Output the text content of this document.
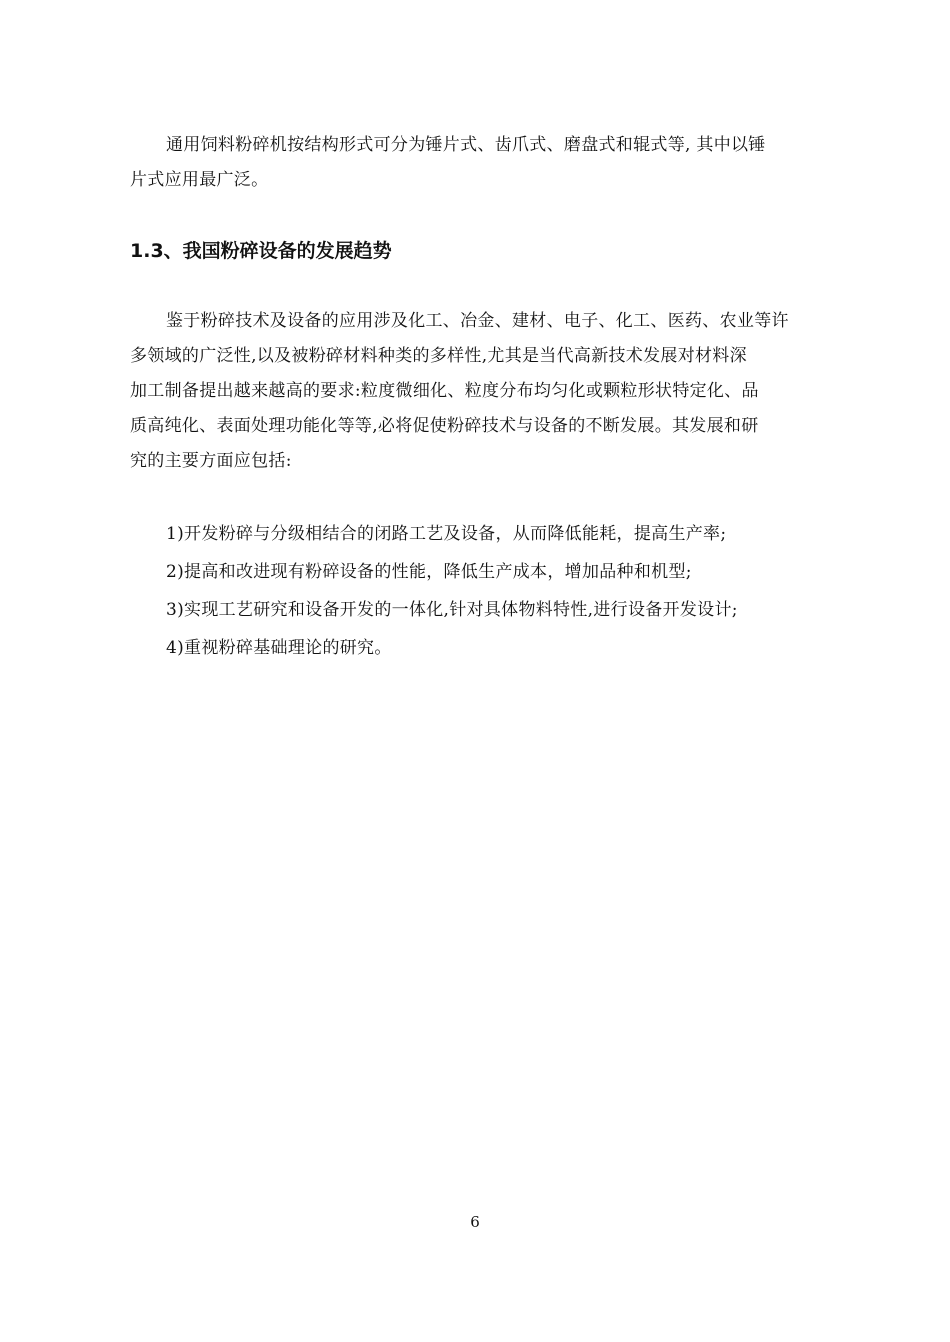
通用饲料粉碎机按结构形式可分为锤片式、齿爪式、磨盘式和辊式等, 其中以锤
片式应用最广泛。

1.3、我国粉碎设备的发展趋势

鉴于粉碎技术及设备的应用涉及化工、冶金、建材、电子、化工、医药、农业等许
多领域的广泛性,以及被粉碎材料种类的多样性,尤其是当代高新技术发展对材料深
加工制备提出越来越高的要求:粒度微细化、粒度分布均匀化或颗粒形状特定化、品
质高纯化、表面处理功能化等等,必将促使粉碎技术与设备的不断发展。其发展和研
究的主要方面应包括:

1)开发粉碎与分级相结合的闭路工艺及设备，从而降低能耗，提高生产率;
2)提高和改进现有粉碎设备的性能，降低生产成本，增加品种和机型;
3)实现工艺研究和设备开发的一体化,针对具体物料特性,进行设备开发设计;
4)重视粉碎基础理论的研究。
6
